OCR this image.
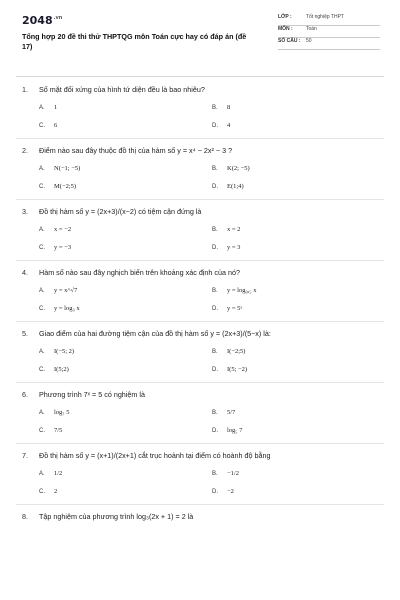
$2048^{.vn}$
Tổng hợp 20 đề thi thử THPTQG môn Toán cực hay có đáp án (đề 17)
LỚP :	Tốt nghiệp THPT
MÔN :	Toán
SỐ CÂU :	50
1.	Số mặt đối xứng của hình tứ diện đều là bao nhiêu?
A.	1	B.	8
C.	6	D.	4
2.	Điểm nào sau đây thuộc đồ thị của hàm số y = x⁴ − 2x² − 3 ?
A.	N(−1; −5)	B.	K(2; −5)
C.	M(−2;5)	D.	E(1;4)
3.	Đồ thị hàm số y = (2x+3)/(x−2) có tiệm cận đứng là
A.	x = −2	B.	x = 2
C.	y = −3	D.	y = 3
4.	Hàm số nào sau đây nghịch biến trên khoảng xác định của nó?
A.	y = x^√7	B.	y = log₀,₅ x
C.	y = log₃ x	D.	y = 5ˣ
5.	Giao điểm của hai đường tiệm cận của đồ thị hàm số y = (2x+3)/(5−x) là:
A.	I(−5; 2)	B.	I(−2;5)
C.	I(5;2)	D.	I(5; −2)
6.	Phương trình 7ˣ = 5 có nghiệm là
A.	log₇ 5	B.	5/7
C.	7/5	D.	log₅ 7
7.	Đồ thị hàm số y = (x+1)/(2x+1) cắt trục hoành tại điểm có hoành độ bằng
A.	1/2	B.	−1/2
C.	2	D.	−2
8.	Tập nghiệm của phương trình log₃(2x + 1) = 2 là
